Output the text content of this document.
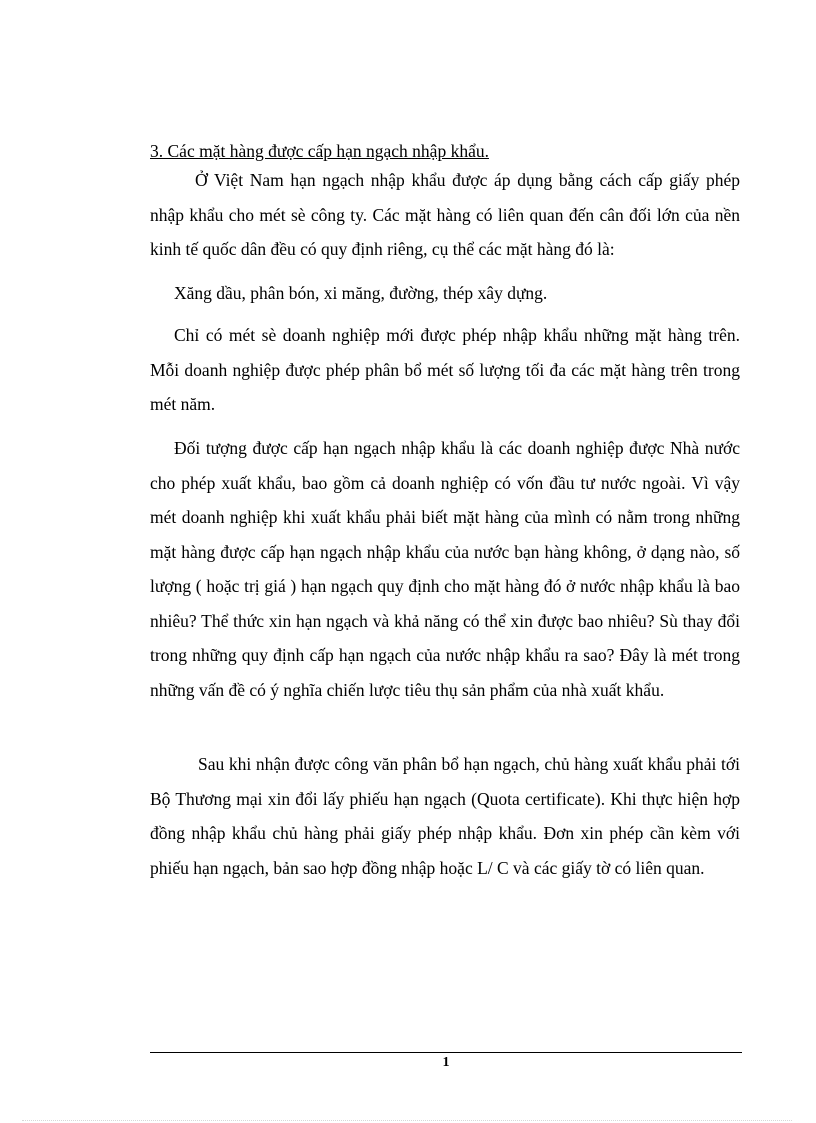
3. Các mặt hàng được cấp hạn ngạch nhập khẩu.

Ở Việt Nam hạn ngạch nhập khẩu được áp dụng bằng cách cấp giấy phép nhập khẩu cho mét sè công ty. Các mặt hàng có liên quan đến cân đối lớn của nền kinh tế quốc dân đều có quy định riêng, cụ thể các mặt hàng đó là:

Xăng dầu, phân bón, xi măng, đường, thép xây dựng.

Chỉ có mét sè doanh nghiệp mới được phép nhập khẩu những mặt hàng trên. Mỗi doanh nghiệp được phép phân bổ mét số lượng tối đa các mặt hàng trên trong mét năm.

Đối tượng được cấp hạn ngạch nhập khẩu là các doanh nghiệp được Nhà nước cho phép xuất khẩu, bao gồm cả doanh nghiệp có vốn đầu tư nước ngoài. Vì vậy mét doanh nghiệp khi xuất khẩu phải biết mặt hàng của mình có nằm trong những mặt hàng được cấp hạn ngạch nhập khẩu của nước bạn hàng không, ở dạng nào, số lượng ( hoặc trị giá ) hạn ngạch quy định cho mặt hàng đó ở nước nhập khẩu là bao nhiêu? Thể thức xin hạn ngạch và khả năng có thể xin được bao nhiêu? Sù thay đổi trong những quy định cấp hạn ngạch của nước nhập khẩu ra sao? Đây là mét trong những vấn đề có ý nghĩa chiến lược tiêu thụ sản phẩm của nhà xuất khẩu.

Sau khi nhận được công văn phân bổ hạn ngạch, chủ hàng xuất khẩu phải tới Bộ Thương mại xin đổi lấy phiếu hạn ngạch (Quota certificate). Khi thực hiện hợp đồng nhập khẩu chủ hàng phải giấy phép nhập khẩu. Đơn xin phép cần kèm với phiếu hạn ngạch, bản sao hợp đồng nhập hoặc L/ C và các giấy tờ có liên quan.

1
